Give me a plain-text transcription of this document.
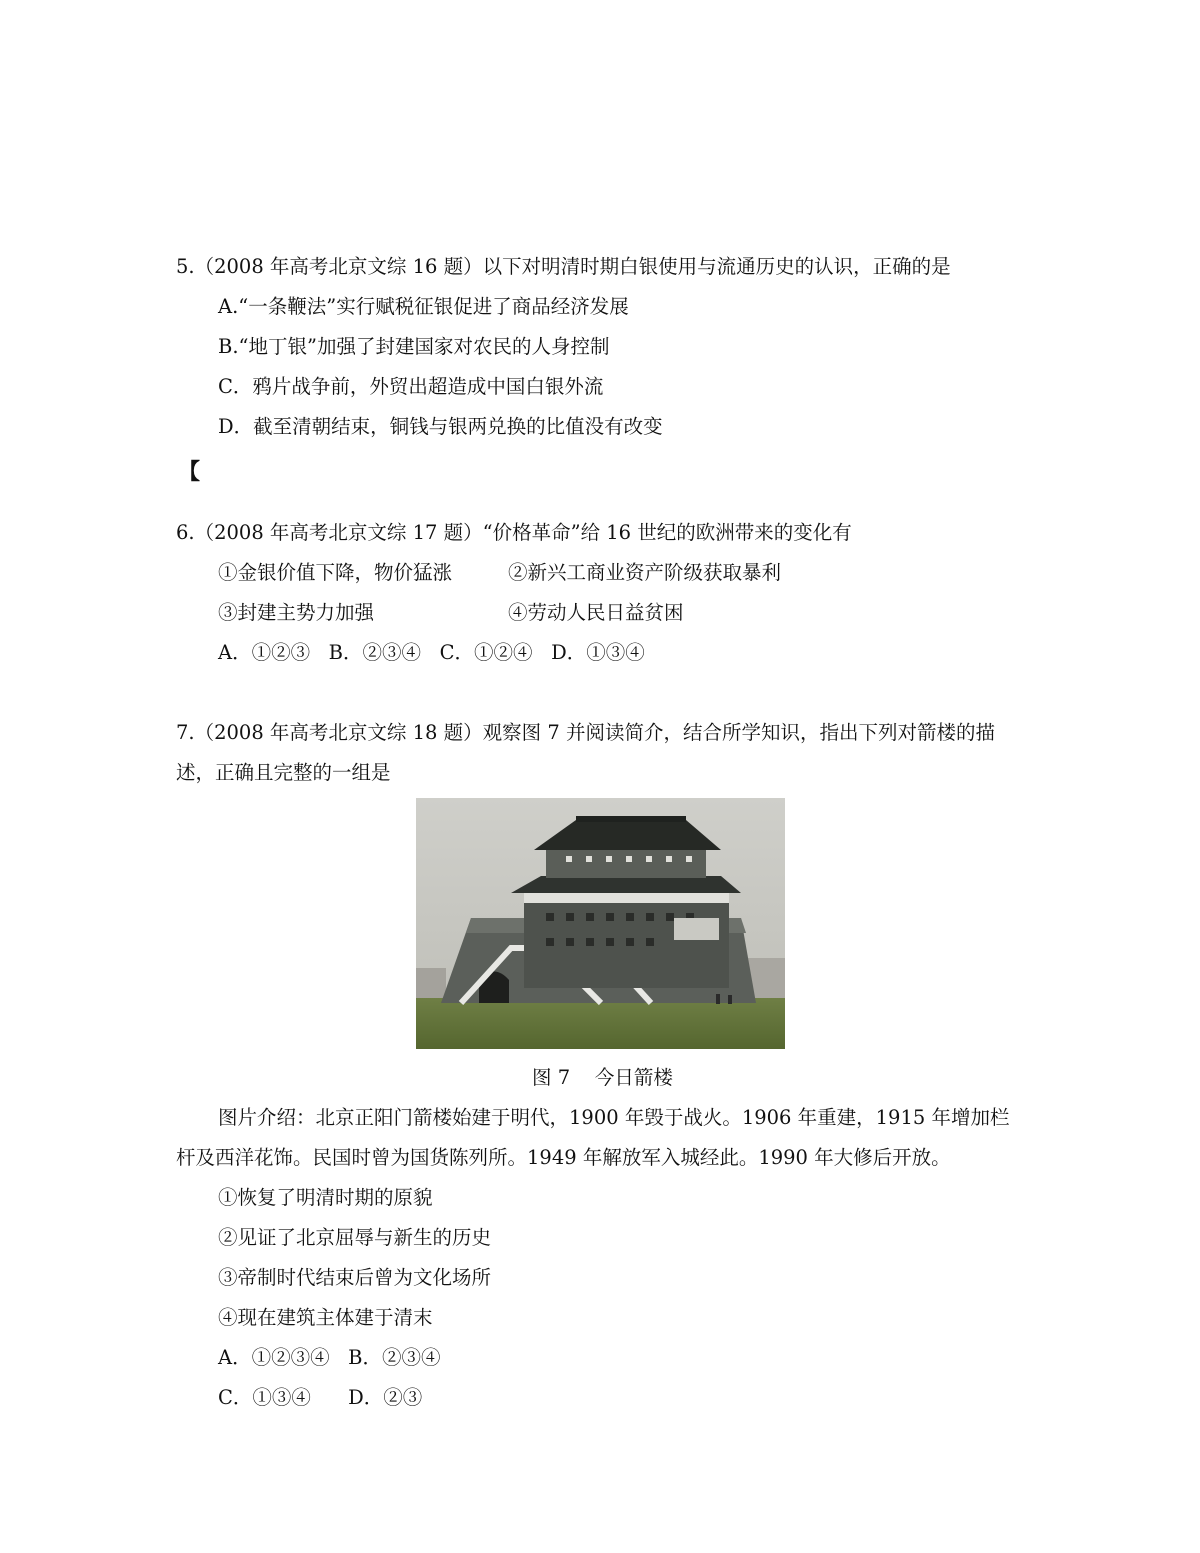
5.（2008 年高考北京文综 16 题）以下对明清时期白银使用与流通历史的认识，正确的是
A.“一条鞭法”实行赋税征银促进了商品经济发展
B.“地丁银”加强了封建国家对农民的人身控制
C．鸦片战争前，外贸出超造成中国白银外流
D．截至清朝结束，铜钱与银两兑换的比值没有改变
【
6.（2008 年高考北京文综 17 题）“价格革命”给 16 世纪的欧洲带来的变化有
①金银价值下降，物价猛涨	②新兴工商业资产阶级获取暴利
③封建主势力加强	④劳动人民日益贫困
A．①②③   B．②③④   C．①②④   D．①③④
7.（2008 年高考北京文综 18 题）观察图 7 并阅读简介，结合所学知识，指出下列对箭楼的描
述，正确且完整的一组是
图 7    今日箭楼
图片介绍：北京正阳门箭楼始建于明代，1900 年毁于战火。1906 年重建，1915 年增加栏
杆及西洋花饰。民国时曾为国货陈列所。1949 年解放军入城经此。1990 年大修后开放。
①恢复了明清时期的原貌
②见证了北京屈辱与新生的历史
③帝制时代结束后曾为文化场所
④现在建筑主体建于清末
A．①②③④   B．②③④
C．①③④      D．②③
